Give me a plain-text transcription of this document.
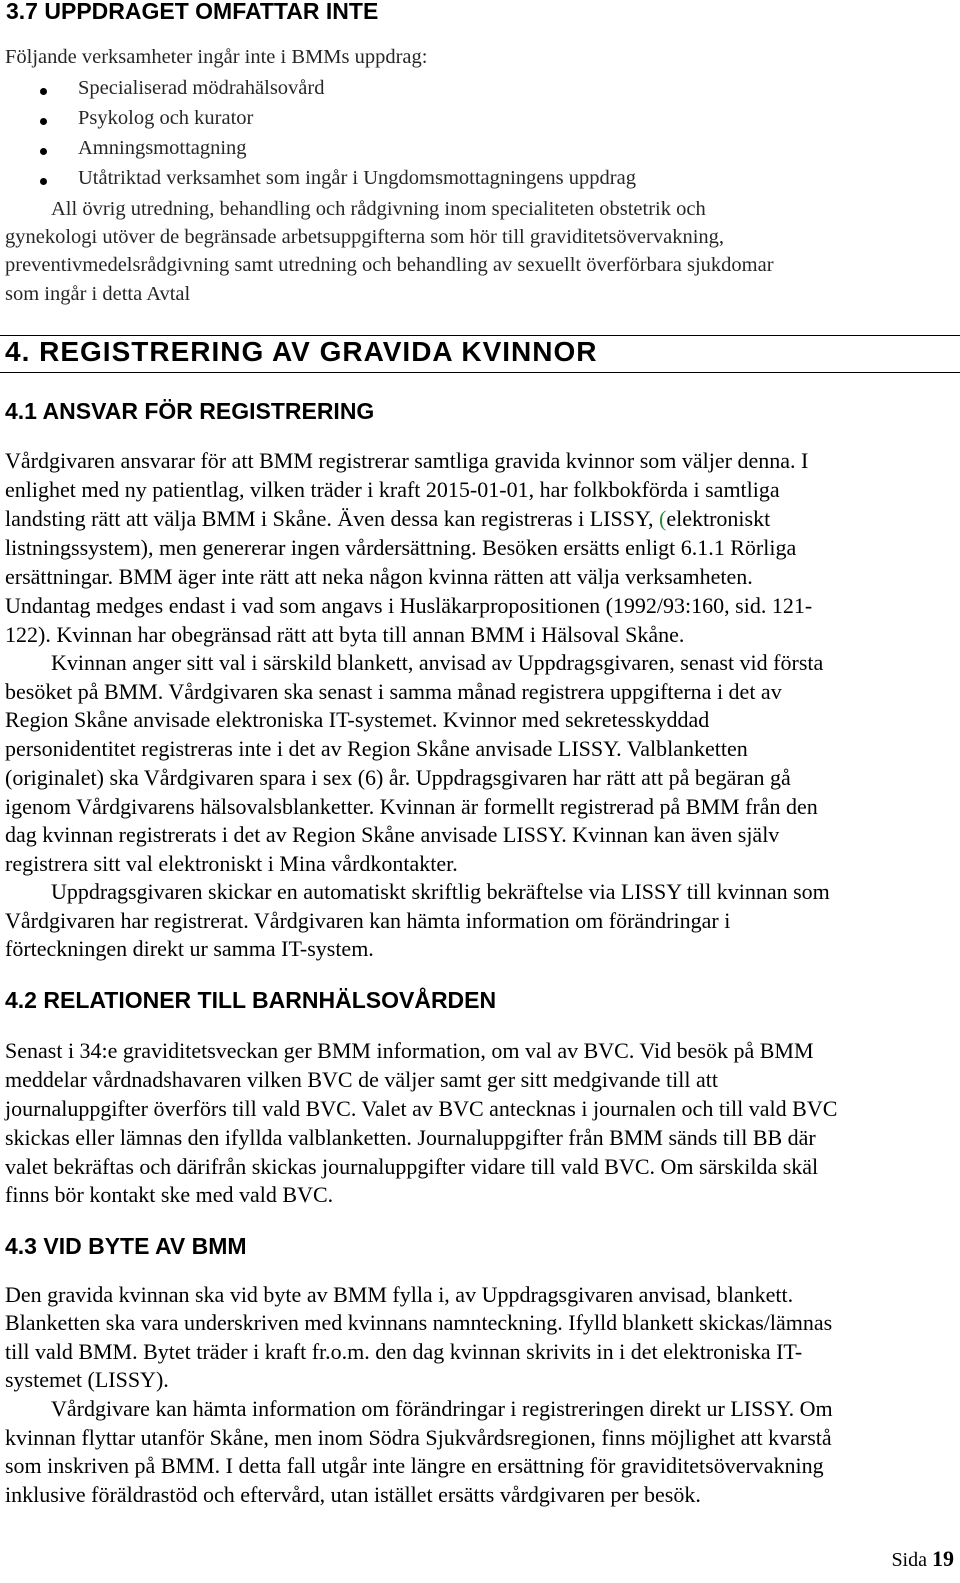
3.7 UPPDRAGET OMFATTAR INTE
Följande verksamheter ingår inte i BMMs uppdrag:
Specialiserad mödrahälsovård
Psykolog och kurator
Amningsmottagning
Utåtriktad verksamhet som ingår i Ungdomsmottagningens uppdrag
All övrig utredning, behandling och rådgivning inom specialiteten obstetrik och
gynekologi utöver de begränsade arbetsuppgifterna som hör till graviditetsövervakning,
preventivmedelsrådgivning samt utredning och behandling av sexuellt överförbara sjukdomar
som ingår i detta Avtal
4. REGISTRERING AV GRAVIDA KVINNOR
4.1 ANSVAR FÖR REGISTRERING
Vårdgivaren ansvarar för att BMM registrerar samtliga gravida kvinnor som väljer denna. I
enlighet med ny patientlag, vilken träder i kraft 2015-01-01, har folkbokförda i samtliga
landsting rätt att välja BMM i Skåne. Även dessa kan registreras i LISSY, (elektroniskt
listningssystem), men genererar ingen vårdersättning. Besöken ersätts enligt 6.1.1 Rörliga
ersättningar. BMM äger inte rätt att neka någon kvinna rätten att välja verksamheten.
Undantag medges endast i vad som angavs i Husläkarpropositionen (1992/93:160, sid. 121-
122). Kvinnan har obegränsad rätt att byta till annan BMM i Hälsoval Skåne.
Kvinnan anger sitt val i särskild blankett, anvisad av Uppdragsgivaren, senast vid första
besöket på BMM. Vårdgivaren ska senast i samma månad registrera uppgifterna i det av
Region Skåne anvisade elektroniska IT-systemet. Kvinnor med sekretesskyddad
personidentitet registreras inte i det av Region Skåne anvisade LISSY. Valblanketten
(originalet) ska Vårdgivaren spara i sex (6) år. Uppdragsgivaren har rätt att på begäran gå
igenom Vårdgivarens hälsovalsblanketter. Kvinnan är formellt registrerad på BMM från den
dag kvinnan registrerats i det av Region Skåne anvisade LISSY. Kvinnan kan även själv
registrera sitt val elektroniskt i Mina vårdkontakter.
Uppdragsgivaren skickar en automatiskt skriftlig bekräftelse via LISSY till kvinnan som
Vårdgivaren har registrerat. Vårdgivaren kan hämta information om förändringar i
förteckningen direkt ur samma IT-system.
4.2 RELATIONER TILL BARNHÄLSOVÅRDEN
Senast i 34:e graviditetsveckan ger BMM information, om val av BVC. Vid besök på BMM
meddelar vårdnadshavaren vilken BVC de väljer samt ger sitt medgivande till att
journaluppgifter överförs till vald BVC. Valet av BVC antecknas i journalen och till vald BVC
skickas eller lämnas den ifyllda valblanketten. Journaluppgifter från BMM sänds till BB där
valet bekräftas och därifrån skickas journaluppgifter vidare till vald BVC. Om särskilda skäl
finns bör kontakt ske med vald BVC.
4.3 VID BYTE AV BMM
Den gravida kvinnan ska vid byte av BMM fylla i, av Uppdragsgivaren anvisad, blankett.
Blanketten ska vara underskriven med kvinnans namnteckning. Ifylld blankett skickas/lämnas
till vald BMM. Bytet träder i kraft fr.o.m. den dag kvinnan skrivits in i det elektroniska IT-
systemet (LISSY).
Vårdgivare kan hämta information om förändringar i registreringen direkt ur LISSY. Om
kvinnan flyttar utanför Skåne, men inom Södra Sjukvårdsregionen, finns möjlighet att kvarstå
som inskriven på BMM. I detta fall utgår inte längre en ersättning för graviditetsövervakning
inklusive föräldrastöd och eftervård, utan istället ersätts vårdgivaren per besök.
Sida 19
